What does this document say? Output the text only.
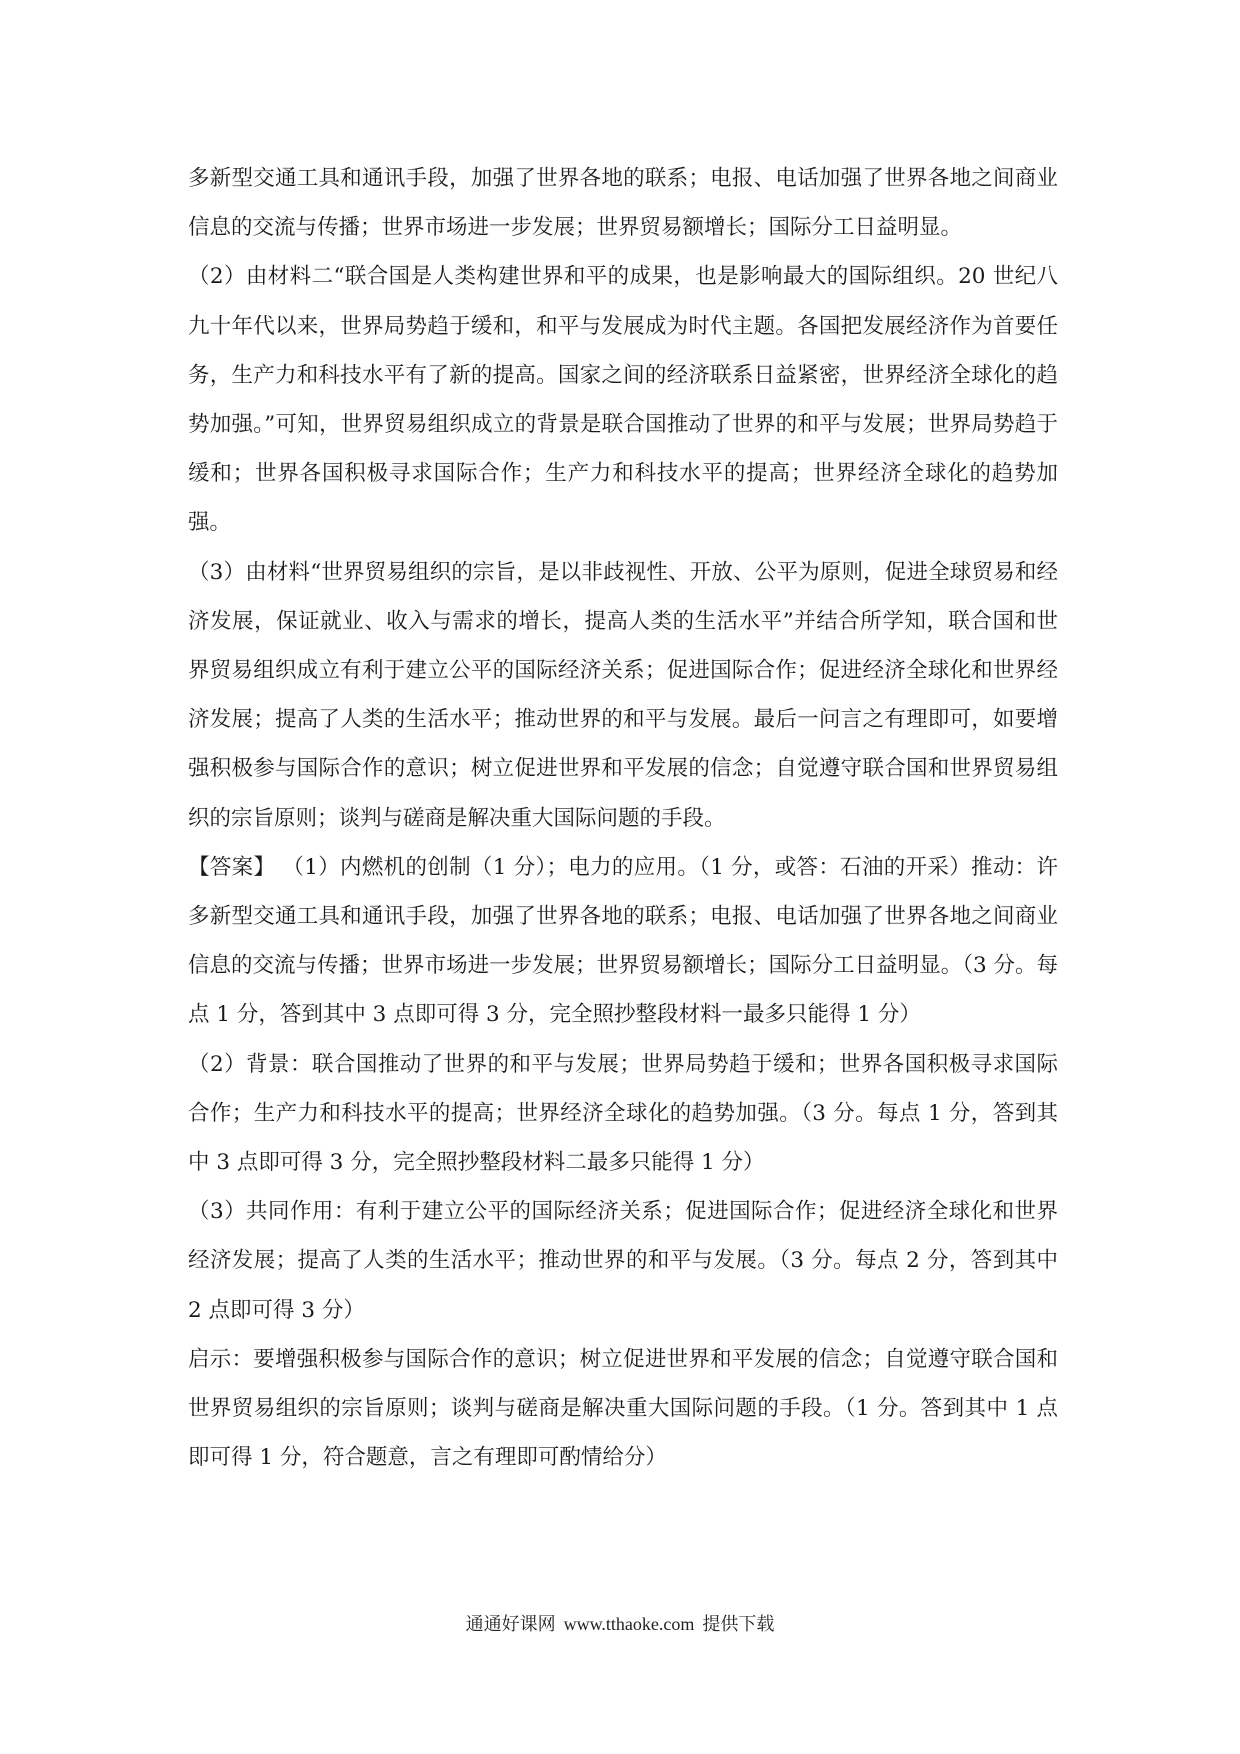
多新型交通工具和通讯手段，加强了世界各地的联系；电报、电话加强了世界各地之间商业信息的交流与传播；世界市场进一步发展；世界贸易额增长；国际分工日益明显。

（2）由材料二“联合国是人类构建世界和平的成果，也是影响最大的国际组织。20 世纪八九十年代以来，世界局势趋于缓和，和平与发展成为时代主题。各国把发展经济作为首要任务，生产力和科技水平有了新的提高。国家之间的经济联系日益紧密，世界经济全球化的趋势加强。”可知，世界贸易组织成立的背景是联合国推动了世界的和平与发展；世界局势趋于缓和；世界各国积极寻求国际合作；生产力和科技水平的提高；世界经济全球化的趋势加强。

（3）由材料“世界贸易组织的宗旨，是以非歧视性、开放、公平为原则，促进全球贸易和经济发展，保证就业、收入与需求的增长，提高人类的生活水平”并结合所学知，联合国和世界贸易组织成立有利于建立公平的国际经济关系；促进国际合作；促进经济全球化和世界经济发展；提高了人类的生活水平；推动世界的和平与发展。最后一问言之有理即可，如要增强积极参与国际合作的意识；树立促进世界和平发展的信念；自觉遵守联合国和世界贸易组织的宗旨原则；谈判与磋商是解决重大国际问题的手段。

【答案】 （1）内燃机的创制（1 分）；电力的应用。（1 分，或答：石油的开采）推动：许多新型交通工具和通讯手段，加强了世界各地的联系；电报、电话加强了世界各地之间商业信息的交流与传播；世界市场进一步发展；世界贸易额增长；国际分工日益明显。（3 分。每点 1 分，答到其中 3 点即可得 3 分，完全照抄整段材料一最多只能得 1 分）

（2）背景：联合国推动了世界的和平与发展；世界局势趋于缓和；世界各国积极寻求国际合作；生产力和科技水平的提高；世界经济全球化的趋势加强。（3 分。每点 1 分，答到其中 3 点即可得 3 分，完全照抄整段材料二最多只能得 1 分）

（3）共同作用：有利于建立公平的国际经济关系；促进国际合作；促进经济全球化和世界经济发展；提高了人类的生活水平；推动世界的和平与发展。（3 分。每点 2 分，答到其中 2 点即可得 3 分）

启示：要增强积极参与国际合作的意识；树立促进世界和平发展的信念；自觉遵守联合国和世界贸易组织的宗旨原则；谈判与磋商是解决重大国际问题的手段。（1 分。答到其中 1 点即可得 1 分，符合题意，言之有理即可酌情给分）

通通好课网 www.tthaoke.com 提供下载
